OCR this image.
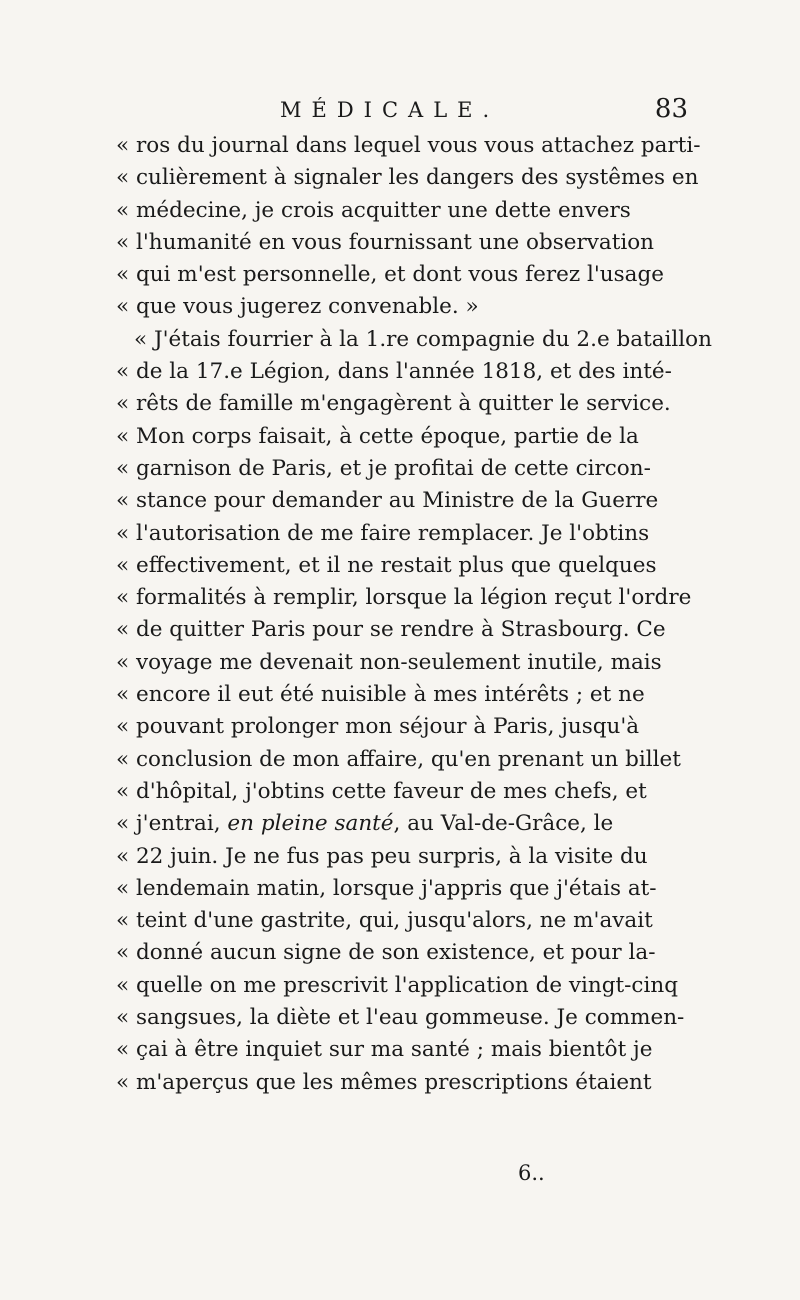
MÉDICALE.	83
« ros du journal dans lequel vous vous attachez parti-
« culièrement à signaler les dangers des systêmes en
« médecine, je crois acquitter une dette envers
« l'humanité en vous fournissant une observation
« qui m'est personnelle, et dont vous ferez l'usage
« que vous jugerez convenable. »
« J'étais fourrier à la 1.re compagnie du 2.e bataillon
« de la 17.e Légion, dans l'année 1818, et des inté-
« rêts de famille m'engagèrent à quitter le service.
« Mon corps faisait, à cette époque, partie de la
« garnison de Paris, et je profitai de cette circon-
« stance pour demander au Ministre de la Guerre
« l'autorisation de me faire remplacer. Je l'obtins
« effectivement, et il ne restait plus que quelques
« formalités à remplir, lorsque la légion reçut l'ordre
« de quitter Paris pour se rendre à Strasbourg. Ce
« voyage me devenait non-seulement inutile, mais
« encore il eut été nuisible à mes intérêts ; et ne
« pouvant prolonger mon séjour à Paris, jusqu'à
« conclusion de mon affaire, qu'en prenant un billet
« d'hôpital, j'obtins cette faveur de mes chefs, et
« j'entrai, en pleine santé, au Val-de-Grâce, le
« 22 juin. Je ne fus pas peu surpris, à la visite du
« lendemain matin, lorsque j'appris que j'étais at-
« teint d'une gastrite, qui, jusqu'alors, ne m'avait
« donné aucun signe de son existence, et pour la-
« quelle on me prescrivit l'application de vingt-cinq
« sangsues, la diète et l'eau gommeuse. Je commen-
« çai à être inquiet sur ma santé ; mais bientôt je
« m'aperçus que les mêmes prescriptions étaient
6..
